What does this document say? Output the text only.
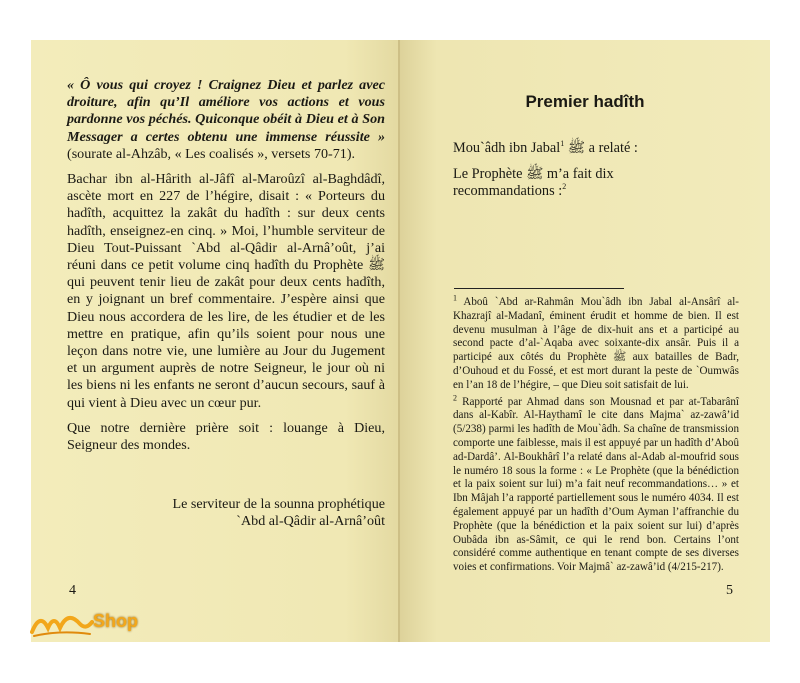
« Ô vous qui croyez ! Craignez Dieu et parlez avec droiture, afin qu’Il améliore vos actions et vous pardonne vos péchés. Quiconque obéit à Dieu et à Son Messager a certes obtenu une immense réussite » (sourate al-Ahzâb, « Les coalisés », versets 70-71).

Bachar ibn al-Hârith al-Jâfî al-Maroûzî al-Baghdâdî, ascète mort en 227 de l’hégire, disait : « Porteurs du hadîth, acquittez la zakât du hadîth : sur deux cents hadîth, enseignez-en cinq. » Moi, l’humble serviteur de Dieu Tout-Puissant `Abd al-Qâdir al-Arnâ’oût, j’ai réuni dans ce petit volume cinq hadîth du Prophète ﷺ qui peuvent tenir lieu de zakât pour deux cents hadîth, en y joignant un bref commentaire. J’espère ainsi que Dieu nous accordera de les lire, de les étudier et de les mettre en pratique, afin qu’ils soient pour nous une leçon dans notre vie, une lumière au Jour du Jugement et un argument auprès de notre Seigneur, le jour où ni les biens ni les enfants ne seront d’aucun secours, sauf à qui vient à Dieu avec un cœur pur.

Que notre dernière prière soit : louange à Dieu, Seigneur des mondes.

Le serviteur de la sounna prophétique
`Abd al-Qâdir al-Arnâ’oût

4
Premier hadîth

Mou`âdh ibn Jabal$^1$ ﷺ a relaté :

Le Prophète ﷺ m’a fait dix recommandations :$^2$

$^1$ Aboû `Abd ar-Rahmân Mou`âdh ibn Jabal al-Ansârî al-Khazrajî al-Madanî, éminent érudit et homme de bien. Il est devenu musulman à l’âge de dix-huit ans et a participé au second pacte d’al-`Aqaba avec soixante-dix ansâr. Puis il a participé aux côtés du Prophète ﷺ aux batailles de Badr, d’Ouhoud et du Fossé, et est mort durant la peste de `Oumwâs en l’an 18 de l’hégire, – que Dieu soit satisfait de lui.

$^2$ Rapporté par Ahmad dans son Mousnad et par at-Tabarânî dans al-Kabîr. Al-Haythamî le cite dans Majma` az-zawâ’id (5/238) parmi les hadîth de Mou`âdh. Sa chaîne de transmission comporte une faiblesse, mais il est appuyé par un hadîth d’Aboû ad-Dardâ’. Al-Boukhârî l’a relaté dans al-Adab al-moufrid sous le numéro 18 sous la forme : « Le Prophète (que la bénédiction et la paix soient sur lui) m’a fait neuf recommandations… » et Ibn Mâjah l’a rapporté partiellement sous le numéro 4034. Il est également appuyé par un hadîth d’Oum Ayman l’affranchie du Prophète (que la bénédiction et la paix soient sur lui) d’après Oubâda ibn as-Sâmit, ce qui le rend bon. Certains l’ont considéré comme authentique en tenant compte de ses diverses voies et confirmations. Voir Majmâ` az-zawâ’id (4/215-217).

5
Shop
